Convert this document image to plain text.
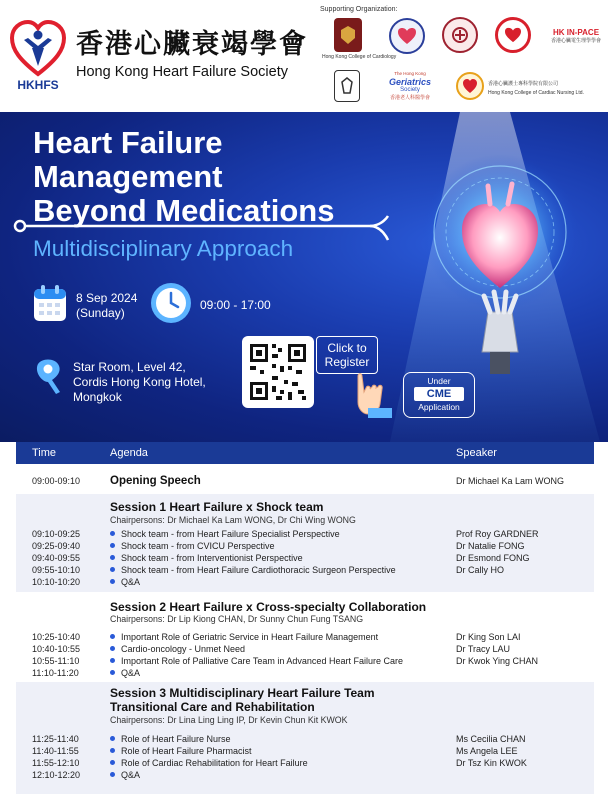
HKHFS
香港心臟衰竭學會
Hong Kong Heart Failure Society
Supporting Organization:
Hong Kong College of Cardiology
HK IN-PACE
香港心臟電生理學學會
The Hong Kong
Geriatrics
Society
香港老人科醫學會
香港心臟護士專科學院有限公司
Hong Kong College of Cardiac Nursing Ltd.
Heart Failure
Management
Beyond Medications
Multidisciplinary Approach
8 Sep 2024
(Sunday)
09:00 - 17:00
Star Room, Level 42,
Cordis Hong Kong Hotel,
Mongkok
Click to
Register
Under
CME
Application
Time	Agenda	Speaker
09:00-09:10	Opening Speech	Dr Michael Ka Lam WONG
Session 1 Heart Failure x Shock team
Chairpersons: Dr Michael Ka Lam WONG, Dr Chi Wing WONG
09:10-09:25	Shock team - from Heart Failure Specialist Perspective	Prof Roy GARDNER
09:25-09:40	Shock team - from CVICU Perspective	Dr Natalie FONG
09:40-09:55	Shock team - from Interventionist Perspective	Dr Esmond FONG
09:55-10:10	Shock team - from Heart Failure Cardiothoracic Surgeon Perspective	Dr Cally HO
10:10-10:20	Q&A
Session 2 Heart Failure x Cross-specialty Collaboration
Chairpersons: Dr Lip Kiong CHAN, Dr Sunny Chun Fung TSANG
10:25-10:40	Important Role of Geriatric Service in Heart Failure Management	Dr King Son LAI
10:40-10:55	Cardio-oncology - Unmet Need	Dr Tracy LAU
10:55-11:10	Important Role of Palliative Care Team in Advanced Heart Failure Care	Dr Kwok Ying CHAN
11:10-11:20	Q&A
Session 3 Multidisciplinary Heart Failure Team
Transitional Care and Rehabilitation
Chairpersons: Dr Lina Ling Ling IP, Dr Kevin Chun Kit KWOK
11:25-11:40	Role of Heart Failure Nurse	Ms Cecilia CHAN
11:40-11:55	Role of Heart Failure Pharmacist	Ms Angela LEE
11:55-12:10	Role of Cardiac Rehabilitation for Heart Failure	Dr Tsz Kin KWOK
12:10-12:20	Q&A
